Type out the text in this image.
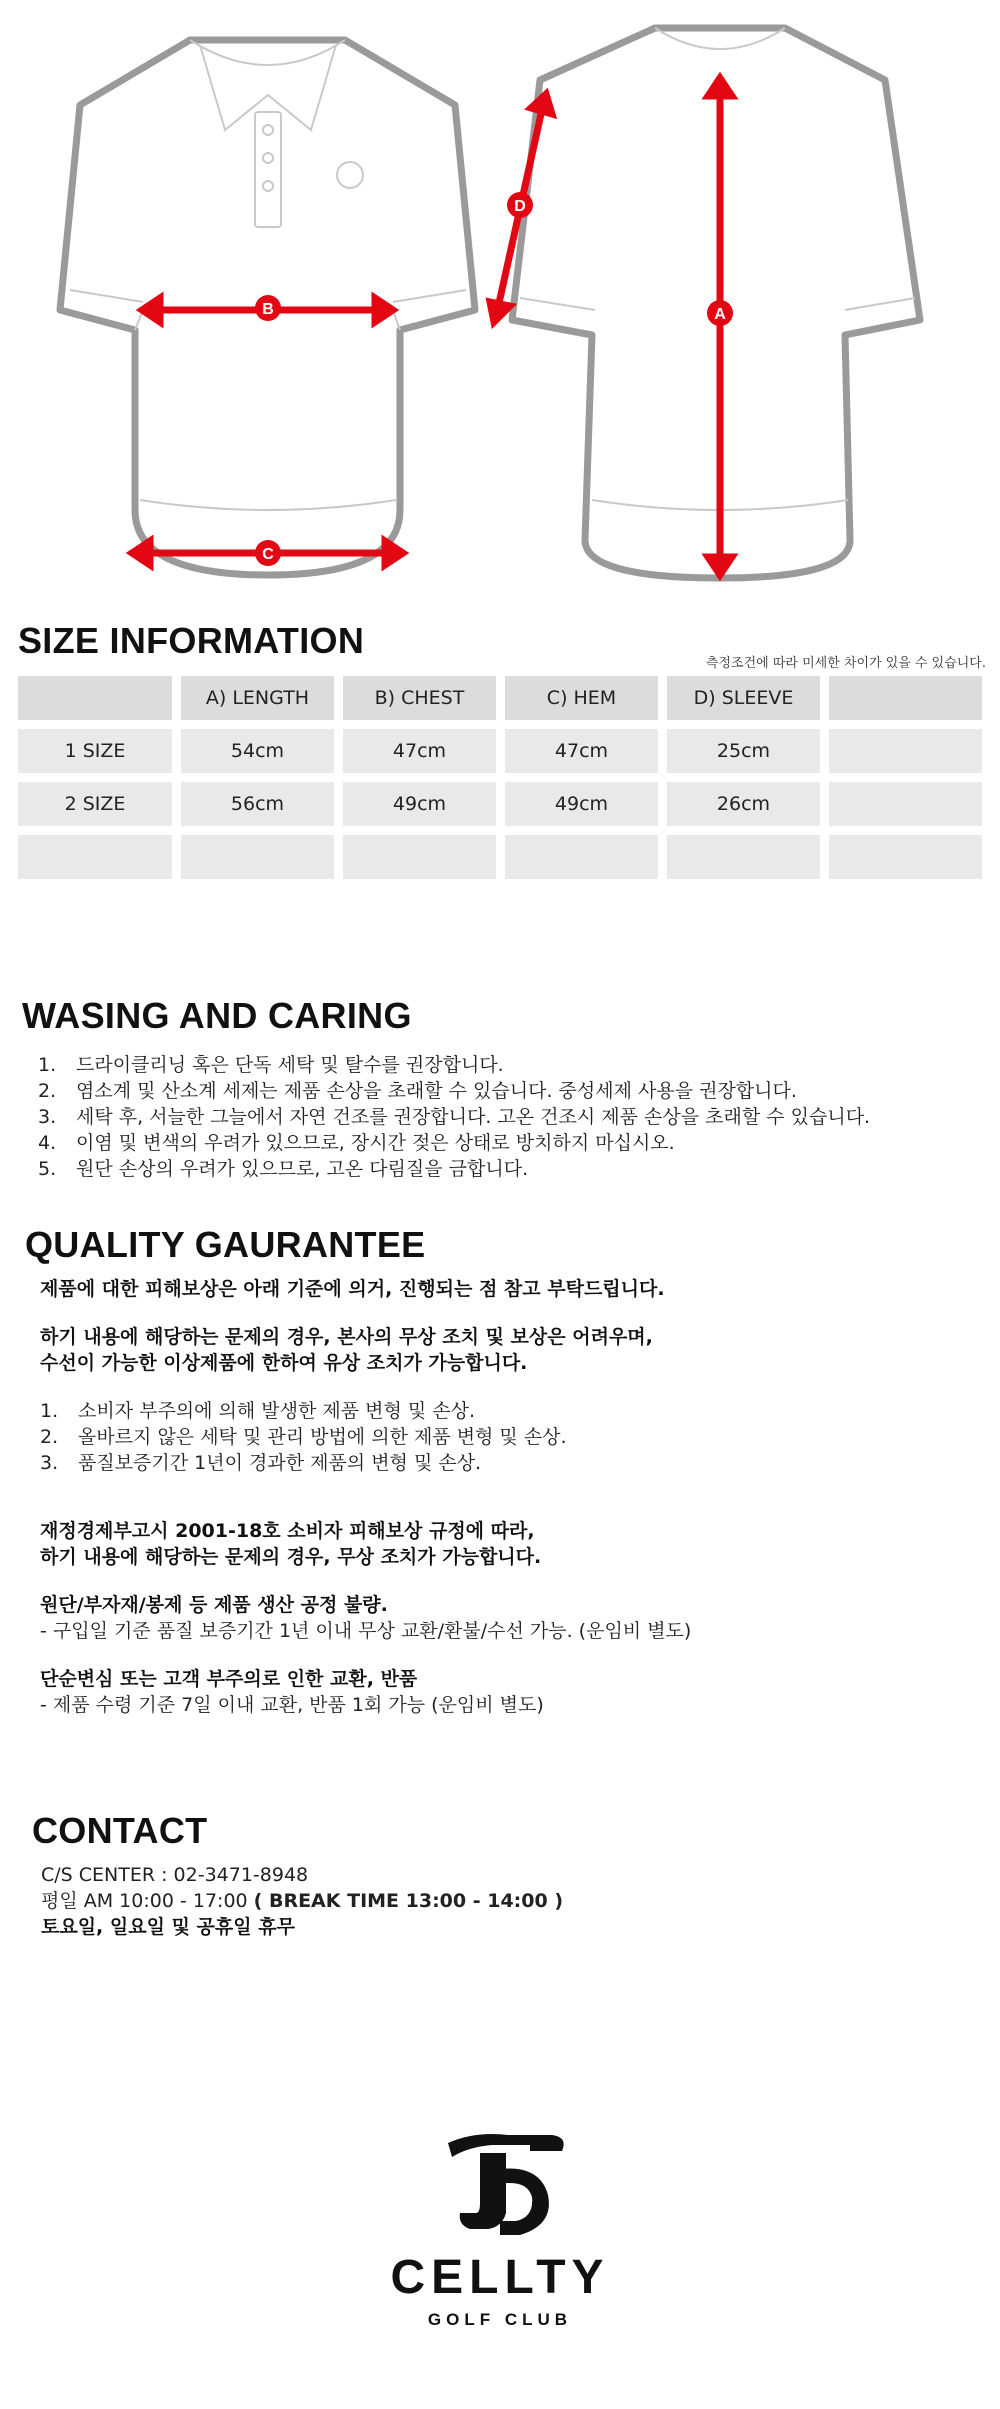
B
C
A
D
SIZE INFORMATION
측정조건에 따라 미세한 차이가 있을 수 있습니다.
	A) LENGTH	B) CHEST	C) HEM	D) SLEEVE	
1 SIZE	54cm	47cm	47cm	25cm	
2 SIZE	56cm	49cm	49cm	26cm	

WASING AND CARING
1.	드라이클리닝 혹은 단독 세탁 및 탈수를 권장합니다.
2.	염소계 및 산소계 세제는 제품 손상을 초래할 수 있습니다. 중성세제 사용을 권장합니다.
3.	세탁 후, 서늘한 그늘에서 자연 건조를 권장합니다. 고온 건조시 제품 손상을 초래할 수 있습니다.
4.	이염 및 변색의 우려가 있으므로, 장시간 젖은 상태로 방치하지 마십시오.
5.	원단 손상의 우려가 있으므로, 고온 다림질을 금합니다.
QUALITY GAURANTEE
제품에 대한 피해보상은 아래 기준에 의거, 진행되는 점 참고 부탁드립니다.
하기 내용에 해당하는 문제의 경우, 본사의 무상 조치 및 보상은 어려우며,
수선이 가능한 이상제품에 한하여 유상 조치가 가능합니다.
1.	소비자 부주의에 의해 발생한 제품 변형 및 손상.
2.	올바르지 않은 세탁 및 관리 방법에 의한 제품 변형 및 손상.
3.	품질보증기간 1년이 경과한 제품의 변형 및 손상.
재정경제부고시 2001-18호 소비자 피해보상 규정에 따라,
하기 내용에 해당하는 문제의 경우, 무상 조치가 가능합니다.
원단/부자재/봉제 등 제품 생산 공정 불량.
- 구입일 기준 품질 보증기간 1년 이내 무상 교환/환불/수선 가능. (운임비 별도)
단순변심 또는 고객 부주의로 인한 교환, 반품
- 제품 수령 기준 7일 이내 교환, 반품 1회 가능 (운임비 별도)
CONTACT
C/S CENTER : 02-3471-8948
평일 AM 10:00 - 17:00 ( BREAK TIME 13:00 - 14:00 )
토요일, 일요일 및 공휴일 휴무
CELLTY
GOLF CLUB
